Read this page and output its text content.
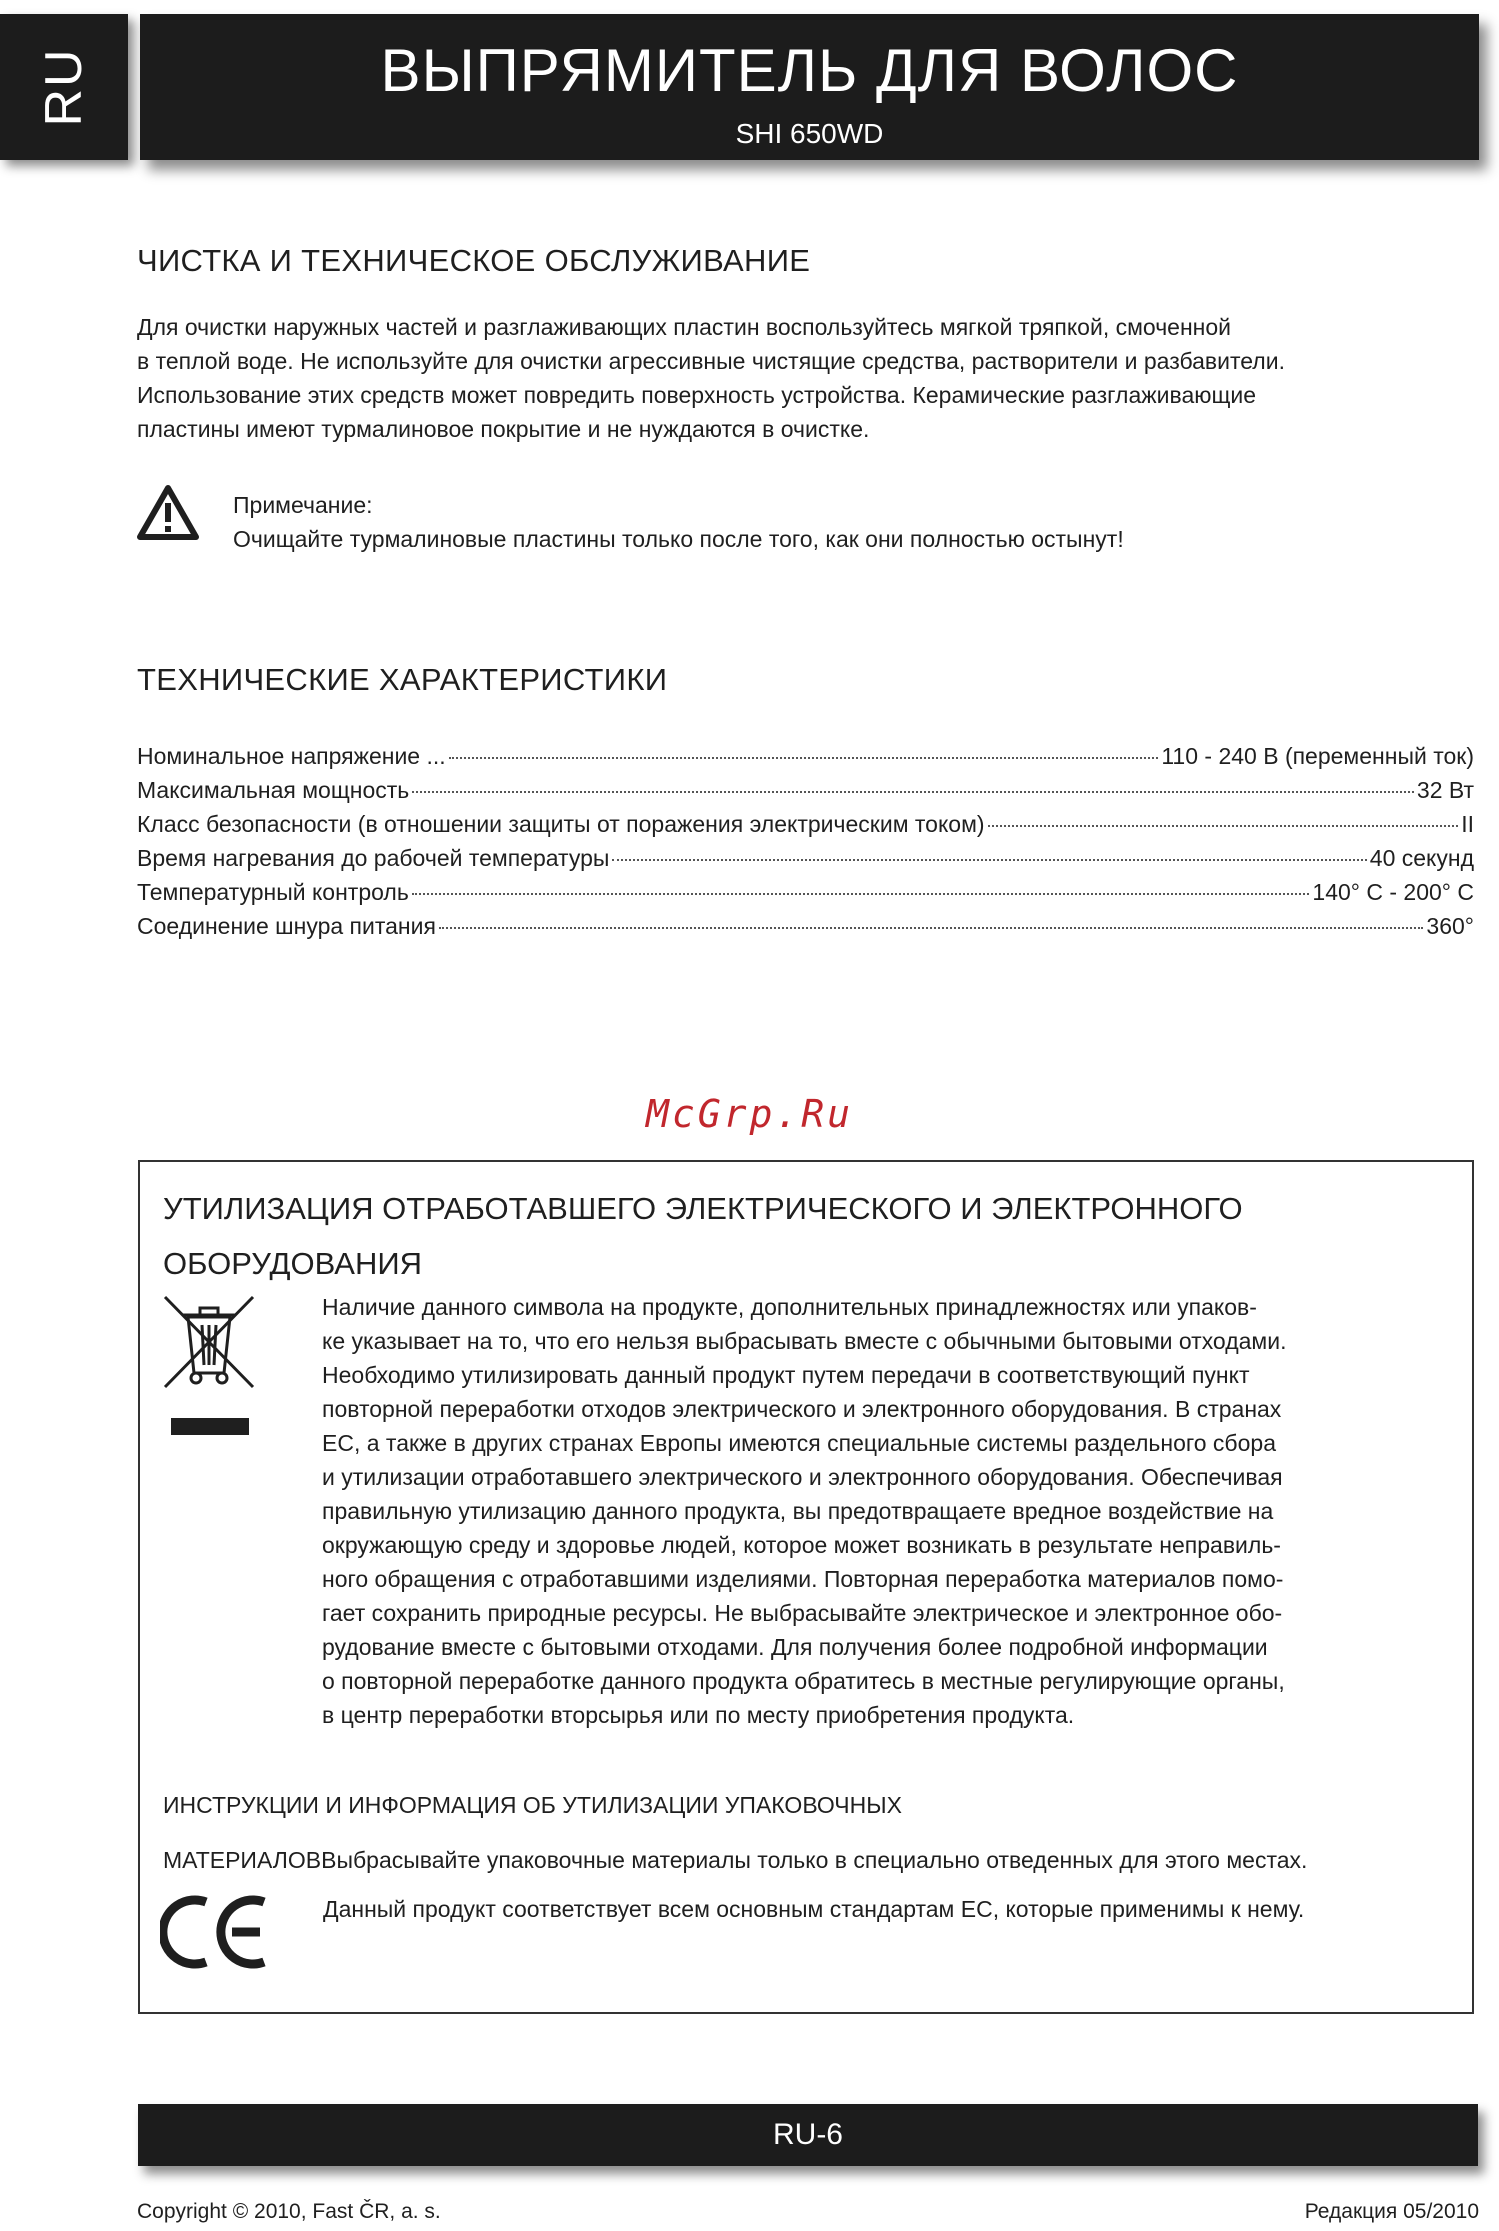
RU	ВЫПРЯМИТЕЛЬ ДЛЯ ВОЛОС
SHI 650WD
ЧИСТКА И ТЕХНИЧЕСКОЕ ОБСЛУЖИВАНИЕ
Для очистки наружных частей и разглаживающих пластин воспользуйтесь мягкой тряпкой, смоченной
в теплой воде. Не используйте для очистки агрессивные чистящие средства, растворители и разбавители.
Использование этих средств может повредить поверхность устройства. Керамические разглаживающие
пластины имеют турмалиновое покрытие и не нуждаются в очистке.
Примечание:
Очищайте турмалиновые пластины только после того, как они полностью остынут!
ТЕХНИЧЕСКИЕ ХАРАКТЕРИСТИКИ
Номинальное напряжение ...	110 - 240 В (переменный ток)
Максимальная мощность	32 Вт
Класс безопасности (в отношении защиты от поражения электрическим током)	II
Время нагревания до рабочей температуры	40 секунд
Температурный контроль	140° C - 200° C
Соединение шнура питания	360°
McGrp.Ru
УТИЛИЗАЦИЯ ОТРАБОТАВШЕГО ЭЛЕКТРИЧЕСКОГО И ЭЛЕКТРОННОГО
ОБОРУДОВАНИЯ
Наличие данного символа на продукте, дополнительных принадлежностях или упаков-
ке указывает на то, что его нельзя выбрасывать вместе с обычными бытовыми отходами.
Необходимо утилизировать данный продукт путем передачи в соответствующий пункт
повторной переработки отходов электрического и электронного оборудования. В странах
ЕС, а также в других странах Европы имеются специальные системы раздельного сбора
и утилизации отработавшего электрического и электронного оборудования. Обеспечивая
правильную утилизацию данного продукта, вы предотвращаете вредное воздействие на
окружающую среду и здоровье людей, которое может возникать в результате неправиль-
ного обращения с отработавшими изделиями. Повторная переработка материалов помо-
гает сохранить природные ресурсы. Не выбрасывайте электрическое и электронное обо-
рудование вместе с бытовыми отходами. Для получения более подробной информации
о повторной переработке данного продукта обратитесь в местные регулирующие органы,
в центр переработки вторсырья или по месту приобретения продукта.
ИНСТРУКЦИИ И ИНФОРМАЦИЯ ОБ УТИЛИЗАЦИИ УПАКОВОЧНЫХ
МАТЕРИАЛОВВыбрасывайте упаковочные материалы только в специально отведенных для этого местах.
Данный продукт соответствует всем основным стандартам ЕС, которые применимы к нему.
RU-6
Copyright © 2010, Fast ČR, a. s.	Редакция 05/2010
